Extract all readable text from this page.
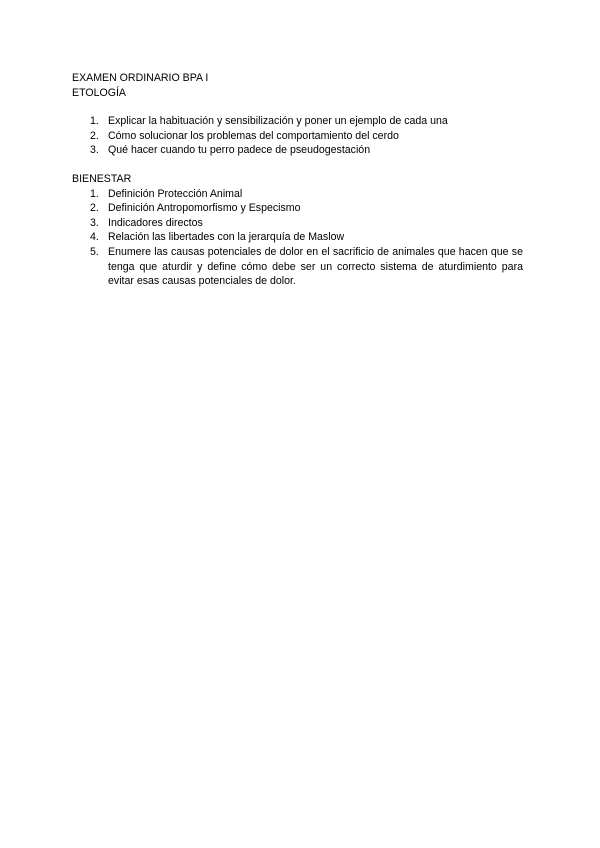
EXAMEN ORDINARIO BPA I
ETOLOGÍA
1. Explicar la habituación y sensibilización y poner un ejemplo de cada una
2. Cómo solucionar los problemas del comportamiento del cerdo
3. Qué hacer cuando tu perro padece de pseudogestación
BIENESTAR
1. Definición Protección Animal
2. Definición Antropomorfismo y Especismo
3. Indicadores directos
4. Relación las libertades con la jerarquía de Maslow
5. Enumere las causas potenciales de dolor en el sacrificio de animales que hacen que se tenga que aturdir y define cómo debe ser un correcto sistema de aturdimiento para evitar esas causas potenciales de dolor.
